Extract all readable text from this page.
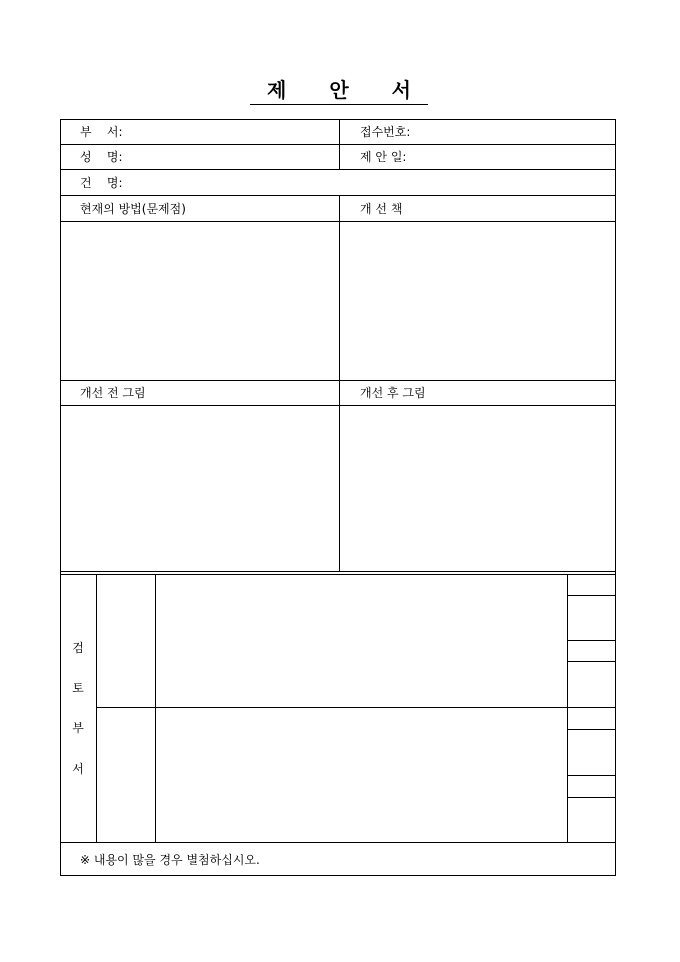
제 안 서
부    서:	접수번호:
성    명:	제 안 일:
건    명:
현재의 방법(문제점)	개 선 책
개선 전 그림	개선 후 그림
검
토
부
서
※ 내용이 많을 경우 별첨하십시오.
